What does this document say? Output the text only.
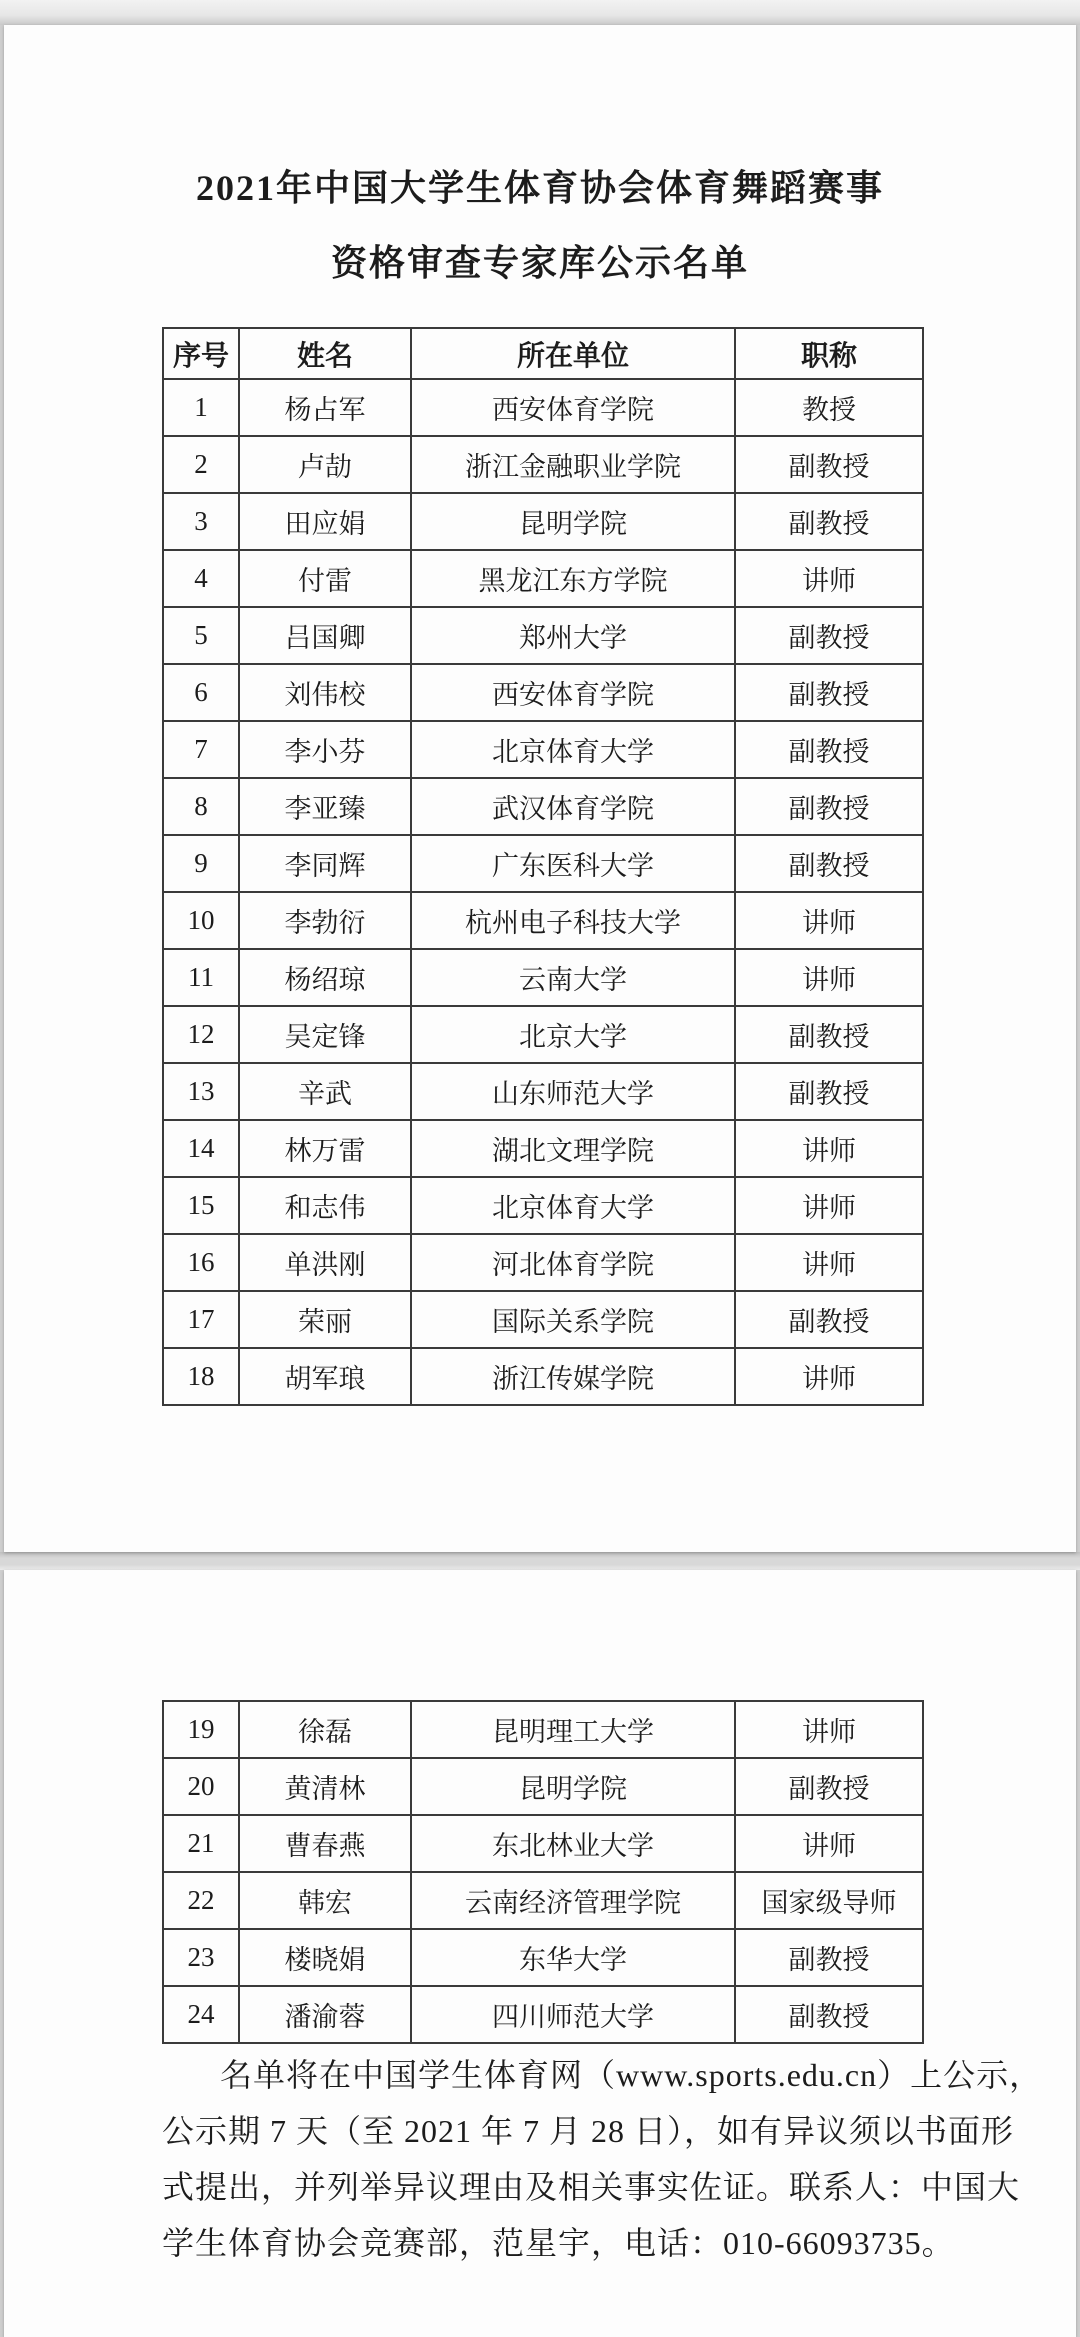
2021年中国大学生体育协会体育舞蹈赛事
资格审查专家库公示名单
序号	姓名	所在单位	职称
1	杨占军	西安体育学院	教授
2	卢劼	浙江金融职业学院	副教授
3	田应娟	昆明学院	副教授
4	付雷	黑龙江东方学院	讲师
5	吕国卿	郑州大学	副教授
6	刘伟校	西安体育学院	副教授
7	李小芬	北京体育大学	副教授
8	李亚臻	武汉体育学院	副教授
9	李同辉	广东医科大学	副教授
10	李勃衍	杭州电子科技大学	讲师
11	杨绍琼	云南大学	讲师
12	吴定锋	北京大学	副教授
13	辛武	山东师范大学	副教授
14	林万雷	湖北文理学院	讲师
15	和志伟	北京体育大学	讲师
16	单洪刚	河北体育学院	讲师
17	荣丽	国际关系学院	副教授
18	胡军琅	浙江传媒学院	讲师
19	徐磊	昆明理工大学	讲师
20	黄清林	昆明学院	副教授
21	曹春燕	东北林业大学	讲师
22	韩宏	云南经济管理学院	国家级导师
23	楼晓娟	东华大学	副教授
24	潘渝蓉	四川师范大学	副教授
名单将在中国学生体育网（www.sports.edu.cn）上公示，
公示期 7 天（至 2021 年 7 月 28 日），如有异议须以书面形
式提出，并列举异议理由及相关事实佐证。联系人：中国大
学生体育协会竞赛部，范星宇，电话：010-66093735。
